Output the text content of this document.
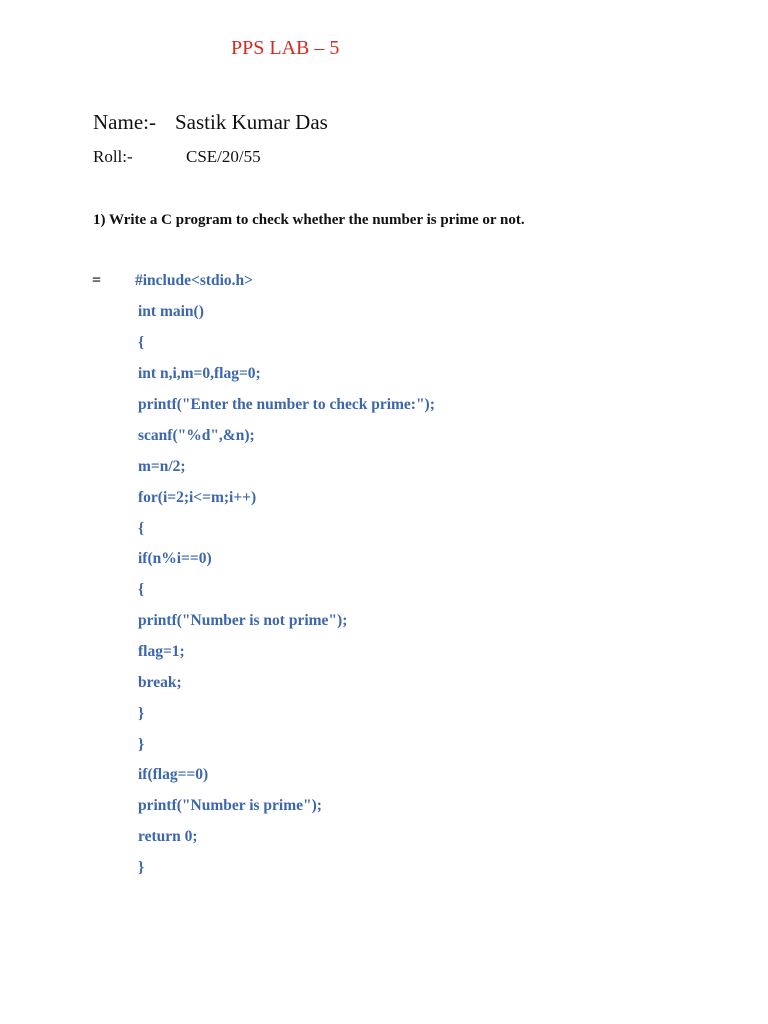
PPS LAB – 5
Name:- Sastik Kumar Das
Roll:-	CSE/20/55
1) Write a C program to check whether the number is prime or not.
= #include<stdio.h>
int main()
{
int n,i,m=0,flag=0;
printf("Enter the number to check prime:");
scanf("%d",&n);
m=n/2;
for(i=2;i<=m;i++)
{
if(n%i==0)
{
printf("Number is not prime");
flag=1;
break;
}
}
if(flag==0)
printf("Number is prime");
return 0;
}
